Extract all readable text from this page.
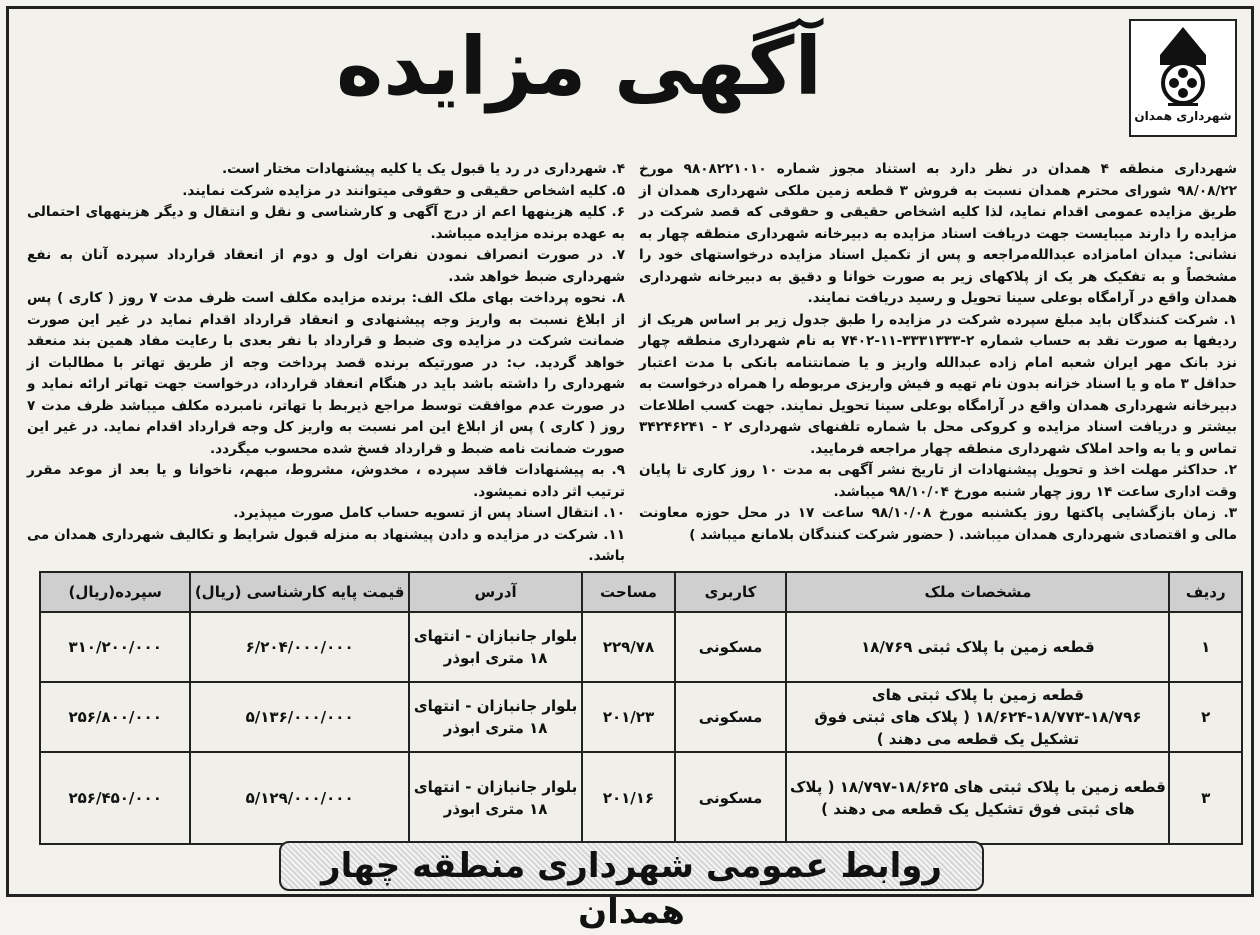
شهرداری همدان
آگهی مزایده

شهرداری منطقه ۴ همدان در نظر دارد به استناد مجوز شماره ۹۸۰۸۲۲۱۰۱۰ مورخ ۹۸/۰۸/۲۲ شورای محترم همدان نسبت به فروش ۳ قطعه زمین ملکی شهرداری همدان از طریق مزایده عمومی اقدام نماید، لذا کلیه اشخاص حقیقی و حقوقی که قصد شرکت در مزایده را دارند میبایست جهت دریافت اسناد مزایده به دبیرخانه شهرداری منطقه چهار به نشانی: میدان امامزاده عبدالله‌مراجعه و پس از تکمیل اسناد مزایده درخواستهای خود را مشخصاً و به تفکیک هر یک از پلاکهای زیر به صورت خوانا و دقیق به دبیرخانه شهرداری همدان واقع در آرامگاه بوعلی سینا تحویل و رسید دریافت نمایند.

۱. شرکت کنندگان باید مبلغ سپرده شرکت در مزایده را طبق جدول زیر بر اساس هریک از ردیفها به صورت نقد به حساب شماره ۲-۳۳۳۱۳۳۳-۱۱-۷۴۰۲ به نام شهرداری منطقه چهار نزد بانک مهر ایران شعبه امام زاده عبدالله واریز و یا ضمانتنامه بانکی با مدت اعتبار حداقل ۳ ماه و یا اسناد خزانه بدون نام تهیه و فیش واریزی مربوطه را همراه درخواست به دبیرخانه شهرداری همدان واقع در آرامگاه بوعلی سینا تحویل نمایند. جهت کسب اطلاعات بیشتر و دریافت اسناد مزایده و کروکی محل با شماره تلفنهای شهرداری ۲ - ۳۴۲۴۶۲۴۱ تماس و یا به واحد املاک شهرداری منطقه چهار مراجعه فرمایید.

۲. حداکثر مهلت اخذ و تحویل پیشنهادات از تاریخ نشر آگهی به مدت ۱۰ روز کاری تا پایان وقت اداری ساعت ۱۴ روز چهار شنبه مورخ ۹۸/۱۰/۰۴ میباشد.

۳. زمان بازگشایی پاکتها روز یکشنبه مورخ ۹۸/۱۰/۰۸ ساعت ۱۷ در محل حوزه معاونت مالی و اقتصادی شهرداری همدان میباشد. ( حضور شرکت کنندگان بلامانع میباشد )

۴. شهرداری در رد یا قبول یک یا کلیه پیشنهادات مختار است.

۵. کلیه اشخاص حقیقی و حقوقی میتوانند در مزایده شرکت نمایند.

۶. کلیه هزینهها اعم از درج آگهی و کارشناسی و نقل و انتقال و دیگر هزینههای احتمالی به عهده برنده مزایده میباشد.

۷. در صورت انصراف نمودن نفرات اول و دوم از انعقاد قرارداد سپرده آنان به نفع شهرداری ضبط خواهد شد.

۸. نحوه پرداخت بهای ملک الف: برنده مزایده مکلف است ظرف مدت ۷ روز ( کاری ) پس از ابلاغ نسبت به واریز وجه پیشنهادی و انعقاد قرارداد اقدام نماید در غیر این صورت ضمانت شرکت در مزایده وی ضبط و قرارداد با نفر بعدی با رعایت مفاد همین بند منعقد خواهد گردید. ب: در صورتیکه برنده قصد پرداخت وجه از طریق تهاتر با مطالبات از شهرداری را داشته باشد باید در هنگام انعقاد قرارداد، درخواست جهت تهاتر ارائه نماید و در صورت عدم موافقت توسط مراجع ذیربط با تهاتر، نامبرده مکلف میباشد ظرف مدت ۷ روز ( کاری ) پس از ابلاغ این امر نسبت به واریز کل وجه قرارداد اقدام نماید. در غیر این صورت ضمانت نامه ضبط و قرارداد فسخ شده محسوب میگردد.

۹. به پیشنهادات فاقد سپرده ، مخدوش، مشروط، مبهم، ناخوانا و یا بعد از موعد مقرر ترتیب اثر داده نمیشود.

۱۰. انتقال اسناد پس از تسویه حساب کامل صورت میپذیرد.

۱۱. شرکت در مزایده و دادن پیشنهاد به منزله قبول شرایط و تکالیف شهرداری همدان می باشد.

ردیف	مشخصات ملک	کاربری	مساحت	آدرس	قیمت پایه کارشناسی (ریال)	سپرده(ریال)
۱	قطعه زمین با پلاک ثبتی ۱۸/۷۶۹	مسکونی	۲۲۹/۷۸	بلوار جانبازان - انتهای ۱۸ متری ابوذر	۶/۲۰۴/۰۰۰/۰۰۰	۳۱۰/۲۰۰/۰۰۰
۲	قطعه زمین با پلاک ثبتی های ۱۸/۷۹۶-۱۸/۷۷۳-۱۸/۶۲۴ ( پلاک های ثبتی فوق تشکیل یک قطعه می دهند )	مسکونی	۲۰۱/۲۳	بلوار جانبازان - انتهای ۱۸ متری ابوذر	۵/۱۳۶/۰۰۰/۰۰۰	۲۵۶/۸۰۰/۰۰۰
۳	قطعه زمین با پلاک ثبتی های ۱۸/۶۲۵-۱۸/۷۹۷ ( پلاک های ثبتی فوق تشکیل یک قطعه می دهند )	مسکونی	۲۰۱/۱۶	بلوار جانبازان - انتهای ۱۸ متری ابوذر	۵/۱۲۹/۰۰۰/۰۰۰	۲۵۶/۴۵۰/۰۰۰
روابط عمومی شهرداری منطقه چهار همدان
